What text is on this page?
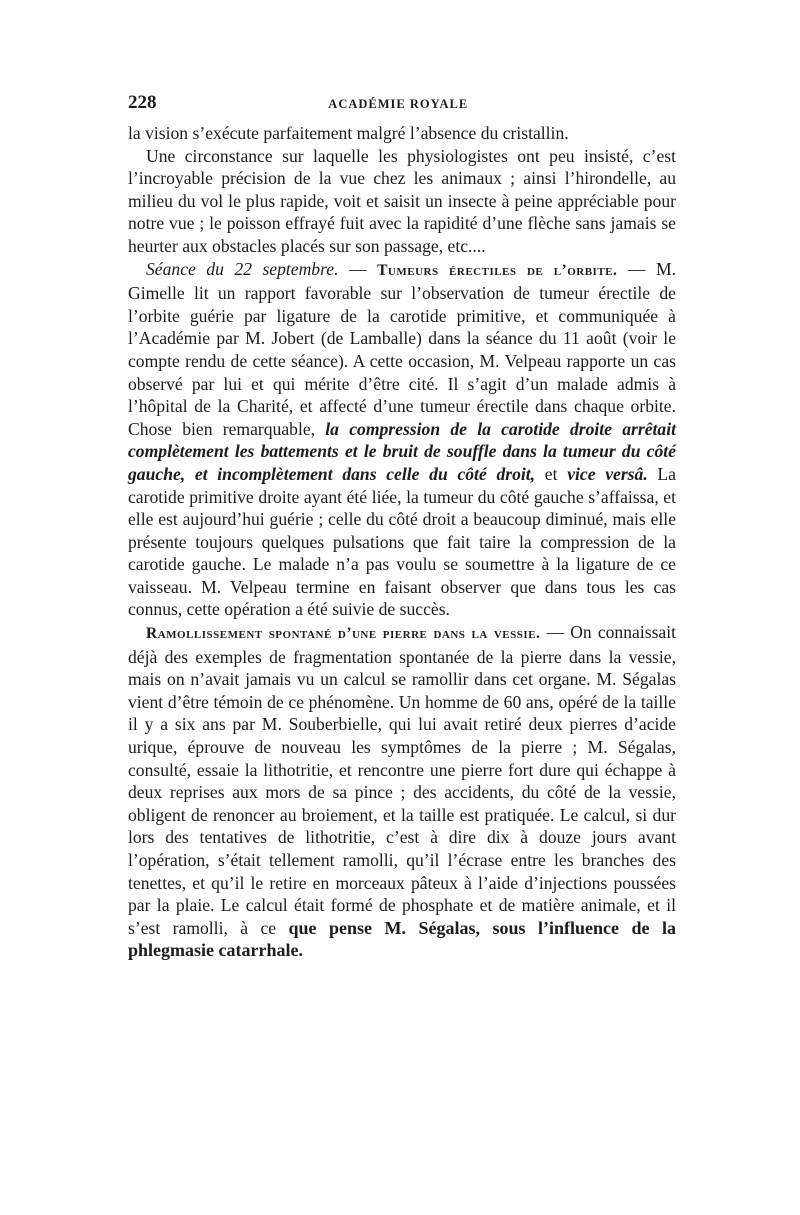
228	ACADÉMIE ROYALE

la vision s’exécute parfaitement malgré l’absence du cristallin.

Une circonstance sur laquelle les physiologistes ont peu insisté, c’est l’incroyable précision de la vue chez les animaux ; ainsi l’hirondelle, au milieu du vol le plus rapide, voit et saisit un insecte à peine appréciable pour notre vue ; le poisson effrayé fuit avec la rapidité d’une flèche sans jamais se heurter aux obstacles placés sur son passage, etc....

Séance du 22 septembre. — Tumeurs érectiles de l’orbite. — M. Gimelle lit un rapport favorable sur l’observation de tumeur érectile de l’orbite guérie par ligature de la carotide primitive, et communiquée à l’Académie par M. Jobert (de Lamballe) dans la séance du 11 août (voir le compte rendu de cette séance). A cette occasion, M. Velpeau rapporte un cas observé par lui et qui mérite d’être cité. Il s’agit d’un malade admis à l’hôpital de la Charité, et affecté d’une tumeur érectile dans chaque orbite. Chose bien remarquable, la compression de la carotide droite arrêtait complètement les battements et le bruit de souffle dans la tumeur du côté gauche, et incomplètement dans celle du côté droit, et vice versâ. La carotide primitive droite ayant été liée, la tumeur du côté gauche s’affaissa, et elle est aujourd’hui guérie ; celle du côté droit a beaucoup diminué, mais elle présente toujours quelques pulsations que fait taire la compression de la carotide gauche. Le malade n’a pas voulu se soumettre à la ligature de ce vaisseau. M. Velpeau termine en faisant observer que dans tous les cas connus, cette opération a été suivie de succès.

Ramollissement spontané d’une pierre dans la vessie. — On connaissait déjà des exemples de fragmentation spontanée de la pierre dans la vessie, mais on n’avait jamais vu un calcul se ramollir dans cet organe. M. Ségalas vient d’être témoin de ce phénomène. Un homme de 60 ans, opéré de la taille il y a six ans par M. Souberbielle, qui lui avait retiré deux pierres d’acide urique, éprouve de nouveau les symptômes de la pierre ; M. Ségalas, consulté, essaie la lithotritie, et rencontre une pierre fort dure qui échappe à deux reprises aux mors de sa pince ; des accidents, du côté de la vessie, obligent de renoncer au broiement, et la taille est pratiquée. Le calcul, si dur lors des tentatives de lithotritie, c’est à dire dix à douze jours avant l’opération, s’était tellement ramolli, qu’il l’écrase entre les branches des tenettes, et qu’il le retire en morceaux pâteux à l’aide d’injections poussées par la plaie. Le calcul était formé de phosphate et de matière animale, et il s’est ramolli, à ce que pense M. Ségalas, sous l’influence de la phlegmasie catarrhale.
